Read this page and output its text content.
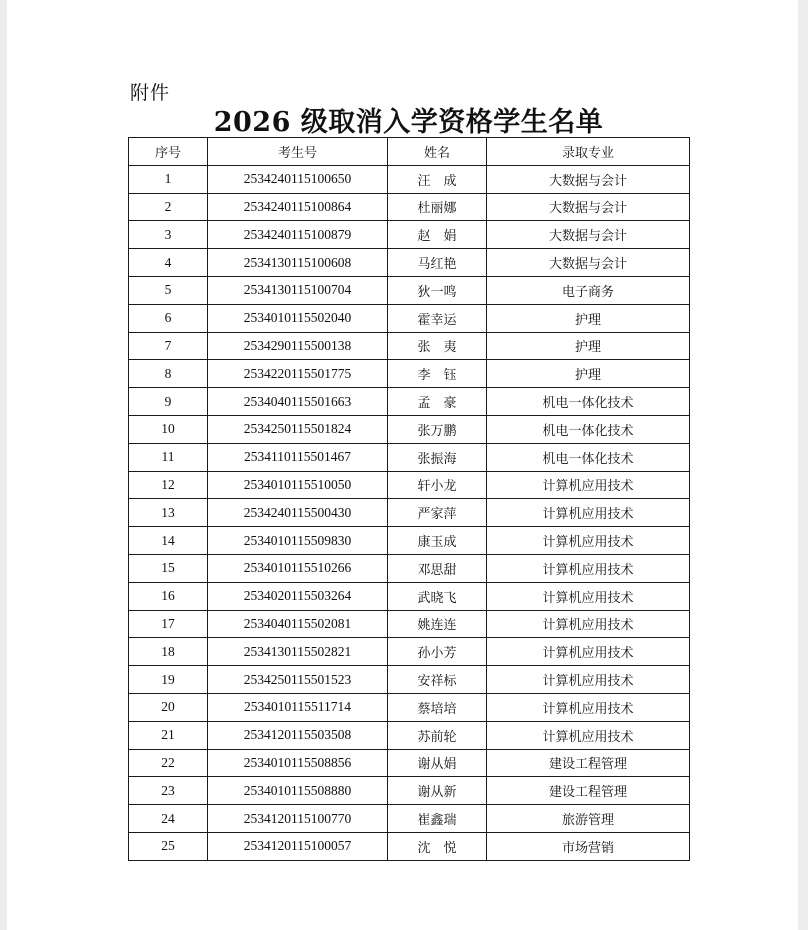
附件
2026 级取消入学资格学生名单
序号	考生号	姓名	录取专业
1	2534240115100650	汪　成	大数据与会计
2	2534240115100864	杜丽娜	大数据与会计
3	2534240115100879	赵　娟	大数据与会计
4	2534130115100608	马红艳	大数据与会计
5	2534130115100704	狄一鸣	电子商务
6	2534010115502040	霍幸运	护理
7	2534290115500138	张　夷	护理
8	2534220115501775	李　钰	护理
9	2534040115501663	孟　豪	机电一体化技术
10	2534250115501824	张万鹏	机电一体化技术
11	2534110115501467	张振海	机电一体化技术
12	2534010115510050	轩小龙	计算机应用技术
13	2534240115500430	严家萍	计算机应用技术
14	2534010115509830	康玉成	计算机应用技术
15	2534010115510266	邓思甜	计算机应用技术
16	2534020115503264	武晓飞	计算机应用技术
17	2534040115502081	姚连连	计算机应用技术
18	2534130115502821	孙小芳	计算机应用技术
19	2534250115501523	安祥标	计算机应用技术
20	2534010115511714	蔡培培	计算机应用技术
21	2534120115503508	苏前轮	计算机应用技术
22	2534010115508856	谢从娟	建设工程管理
23	2534010115508880	谢从新	建设工程管理
24	2534120115100770	崔鑫瑞	旅游管理
25	2534120115100057	沈　悦	市场营销
